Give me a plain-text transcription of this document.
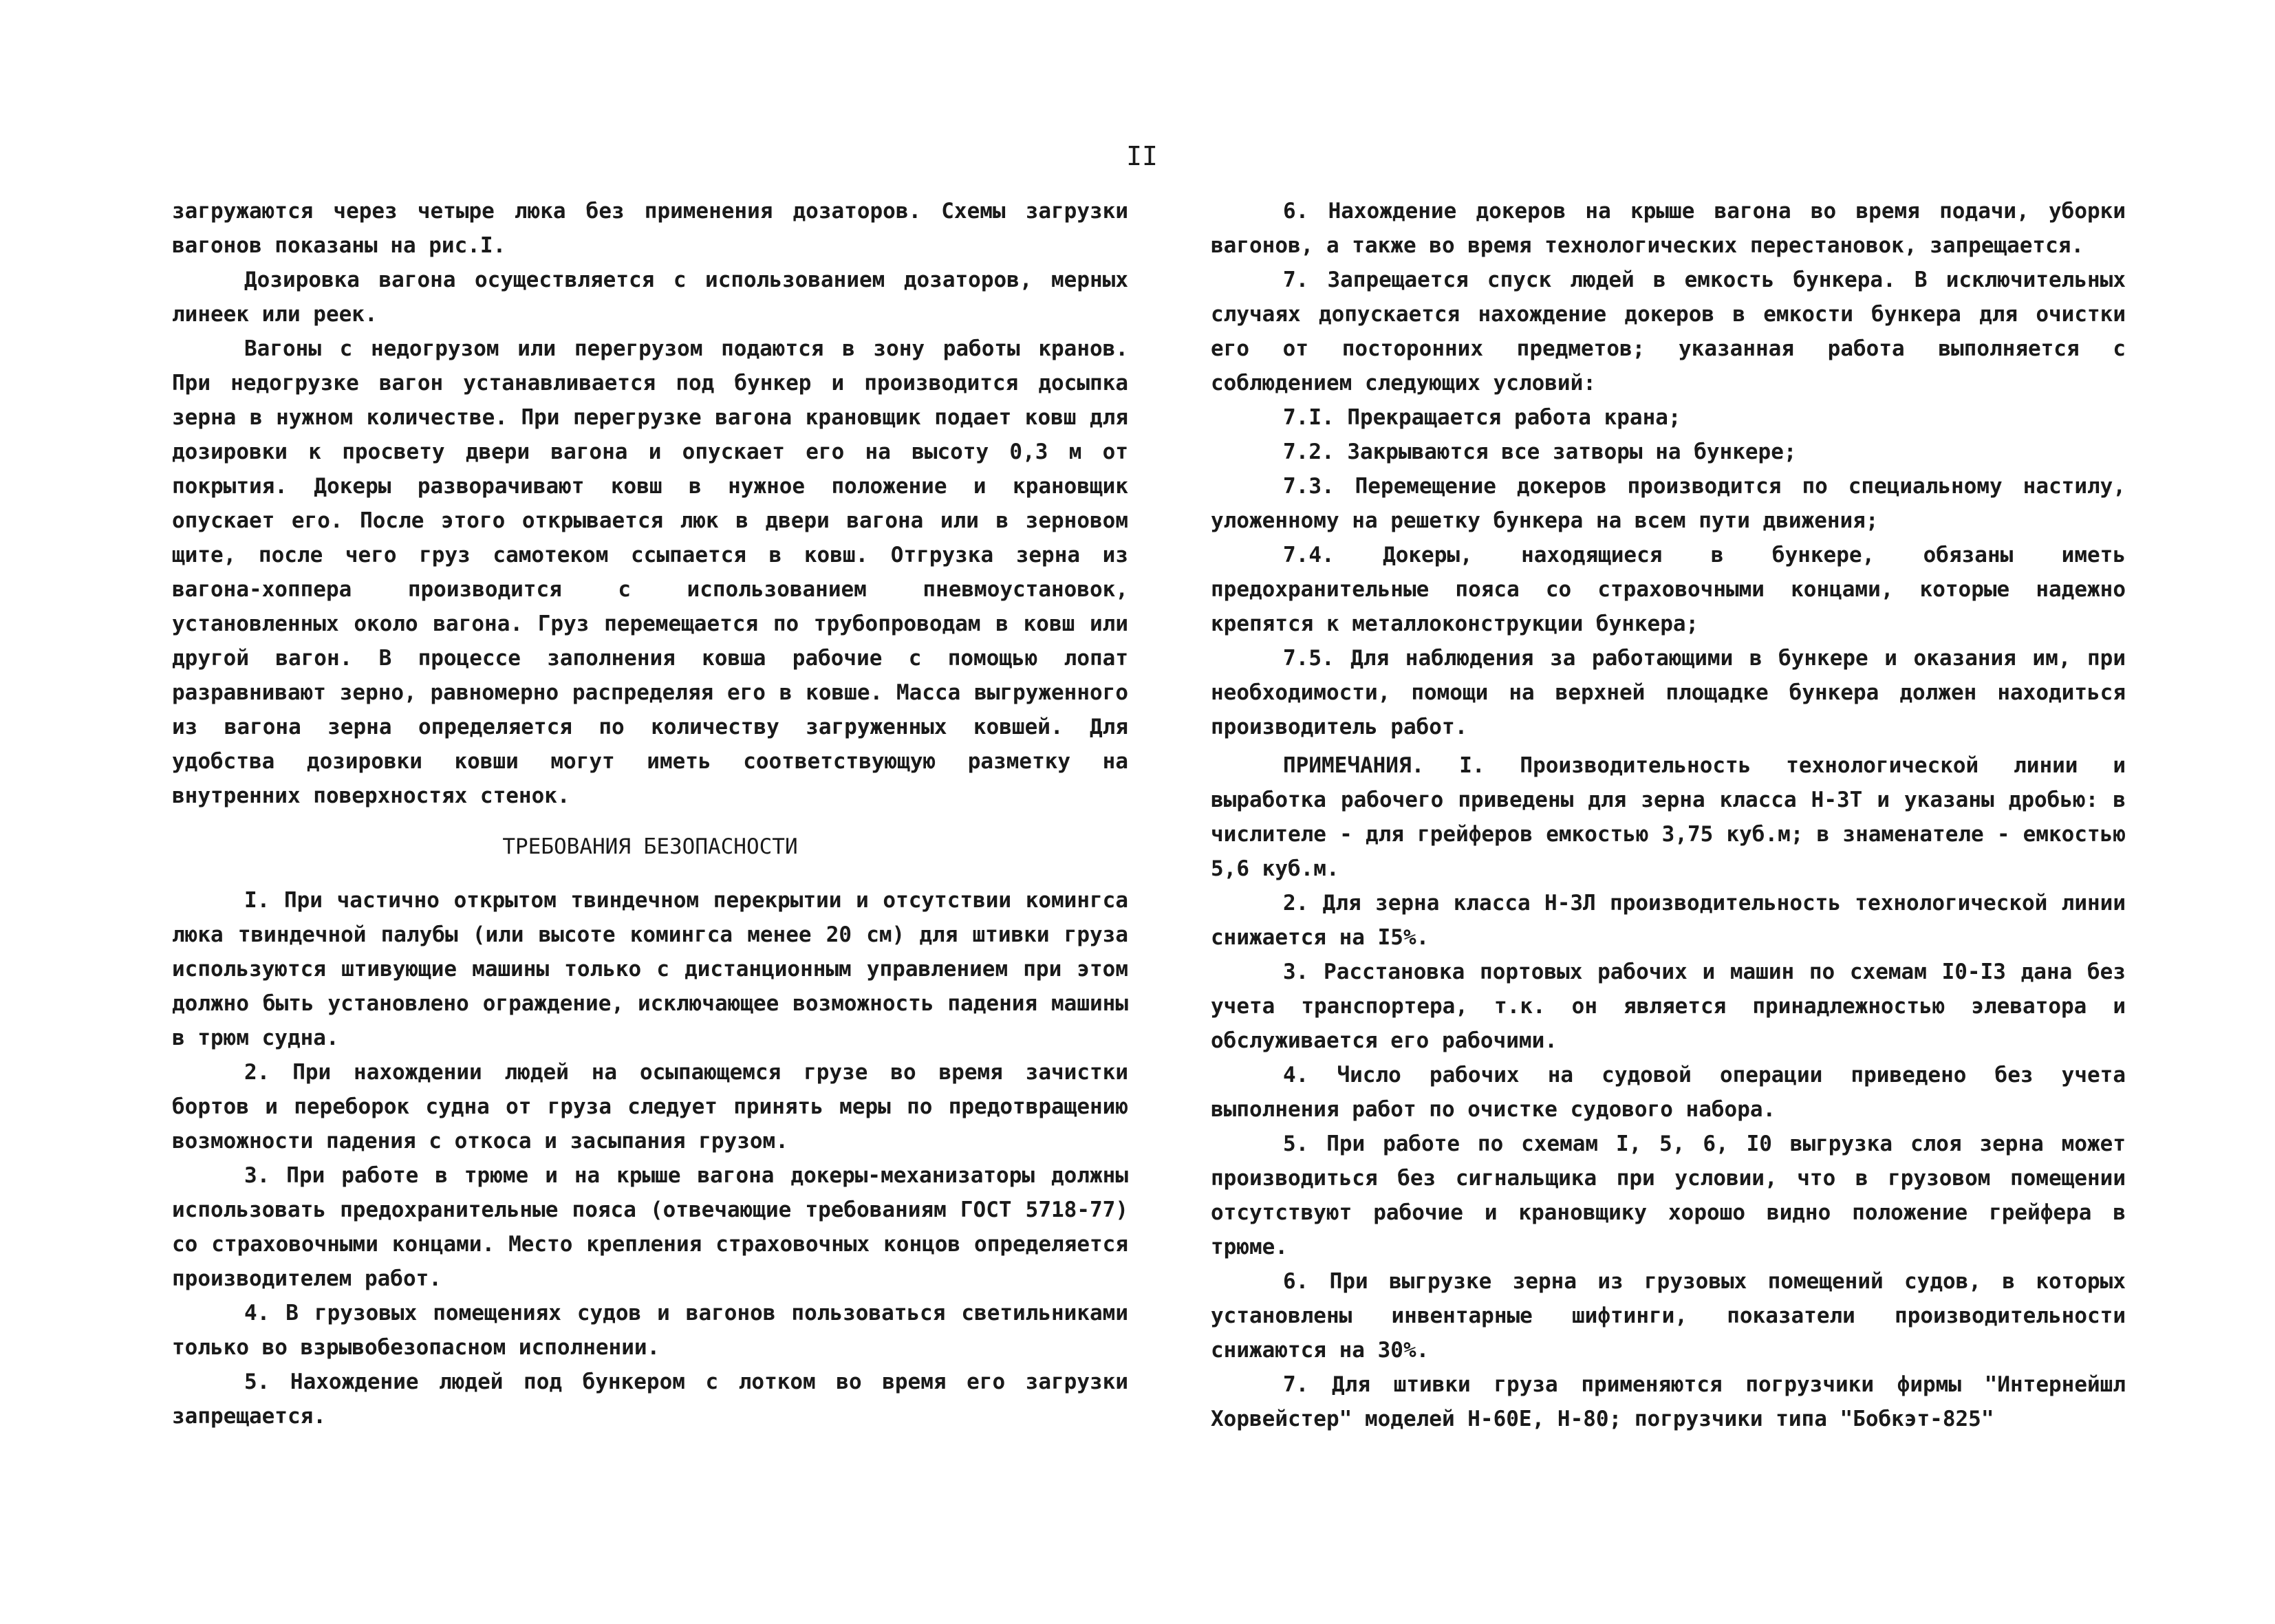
II

загружаются через четыре люка без применения дозаторов. Схемы загрузки вагонов показаны на рис.I.

Дозировка вагона осуществляется с использованием дозаторов, мерных линеек или реек.

Вагоны с недогрузом или перегрузом подаются в зону работы кранов. При недогрузке вагон устанавливается под бункер и производится досыпка зерна в нужном количестве. При перегрузке вагона крановщик подает ковш для дозировки к просвету двери вагона и опускает его на высоту 0,3 м от покрытия. Докеры разворачивают ковш в нужное положение и крановщик опускает его. После этого открывается люк в двери вагона или в зерновом щите, после чего груз самотеком ссыпается в ковш. Отгрузка зерна из вагона-хоппера производится с использованием пневмоустановок, установленных около вагона. Груз перемещается по трубопроводам в ковш или другой вагон. В процессе заполнения ковша рабочие с помощью лопат разравнивают зерно, равномерно распределяя его в ковше. Масса выгруженного из вагона зерна определяется по количеству загруженных ковшей. Для удобства дозировки ковши могут иметь соответствующую разметку на внутренних поверхностях стенок.

ТРЕБОВАНИЯ БЕЗОПАСНОСТИ

I. При частично открытом твиндечном перекрытии и отсутствии комингса люка твиндечной палубы (или высоте комингса менее 20 см) для штивки груза используются штивующие машины только с дистанционным управлением при этом должно быть установлено ограждение, исключающее возможность падения машины в трюм судна.

2. При нахождении людей на осыпающемся грузе во время зачистки бортов и переборок судна от груза следует принять меры по предотвращению возможности падения с откоса и засыпания грузом.

3. При работе в трюме и на крыше вагона докеры-механизаторы должны использовать предохранительные пояса (отвечающие требованиям ГОСТ 5718-77) со страховочными концами. Место крепления страховочных концов определяется производителем работ.

4. В грузовых помещениях судов и вагонов пользоваться светильниками только во взрывобезопасном исполнении.

5. Нахождение людей под бункером с лотком во время его загрузки запрещается.

6. Нахождение докеров на крыше вагона во время подачи, уборки вагонов, а также во время технологических перестановок, запрещается.

7. Запрещается спуск людей в емкость бункера. В исключительных случаях допускается нахождение докеров в емкости бункера для очистки его от посторонних предметов; указанная работа выполняется с соблюдением следующих условий:

7.I. Прекращается работа крана;

7.2. Закрываются все затворы на бункере;

7.3. Перемещение докеров производится по специальному настилу, уложенному на решетку бункера на всем пути движения;

7.4. Докеры, находящиеся в бункере, обязаны иметь предохранительные пояса со страховочными концами, которые надежно крепятся к металлоконструкции бункера;

7.5. Для наблюдения за работающими в бункере и оказания им, при необходимости, помощи на верхней площадке бункера должен находиться производитель работ.

ПРИМЕЧАНИЯ. I. Производительность технологической линии и выработка рабочего приведены для зерна класса Н-3Т и указаны дробью: в числителе - для грейферов емкостью 3,75 куб.м; в знаменателе - емкостью 5,6 куб.м.

2. Для зерна класса Н-3Л производительность технологической линии снижается на I5%.

3. Расстановка портовых рабочих и машин по схемам I0-I3 дана без учета транспортера, т.к. он является принадлежностью элеватора и обслуживается его рабочими.

4. Число рабочих на судовой операции приведено без учета выполнения работ по очистке судового набора.

5. При работе по схемам I, 5, 6, I0 выгрузка слоя зерна может производиться без сигнальщика при условии, что в грузовом помещении отсутствуют рабочие и крановщику хорошо видно положение грейфера в трюме.

6. При выгрузке зерна из грузовых помещений судов, в которых установлены инвентарные шифтинги, показатели производительности снижаются на 30%.

7. Для штивки груза применяются погрузчики фирмы "Интернейшл Хорвейстер" моделей Н-60Е, Н-80; погрузчики типа "Бобкэт-825"
